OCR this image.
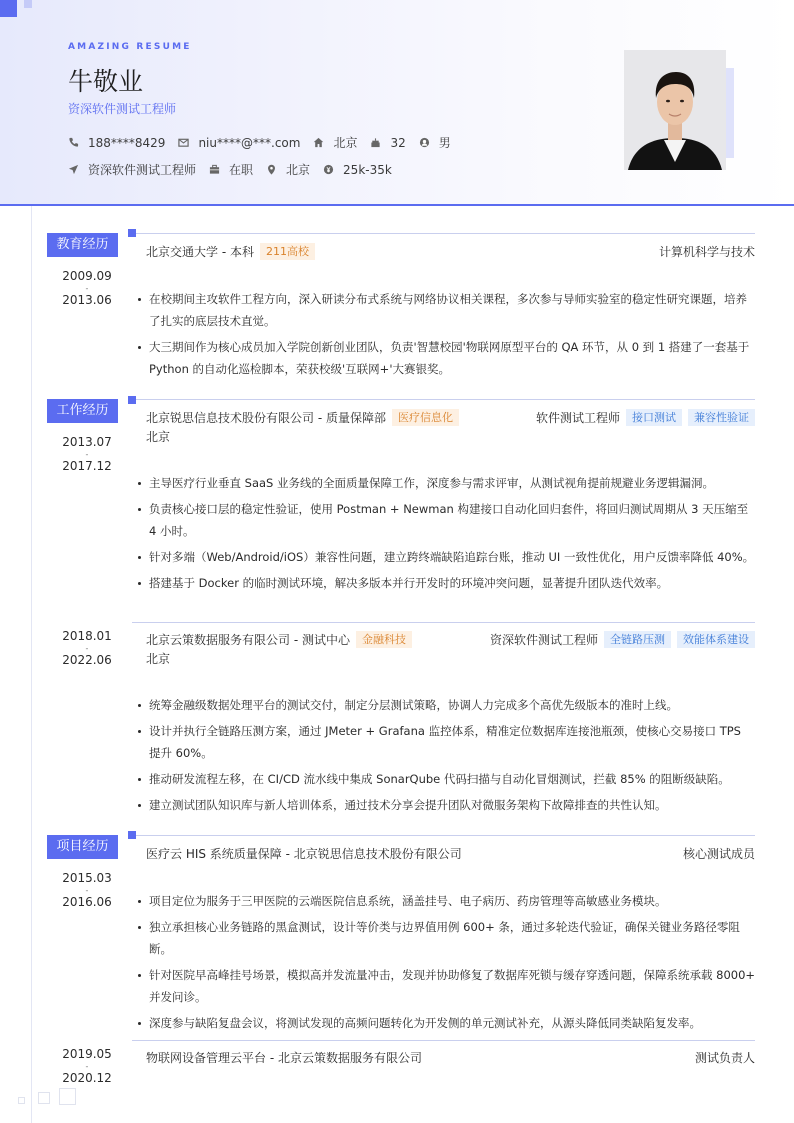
AMAZING RESUME
牛敬业
资深软件测试工程师
188****8429	niu****@***.com	北京	32	男
资深软件测试工程师	在职	北京	25k-35k
教育经历
2009.09
-
2013.06
北京交通大学 - 本科	211高校	计算机科学与技术
在校期间主攻软件工程方向，深入研读分布式系统与网络协议相关课程，多次参与导师实验室的稳定性研究课题，培养了扎实的底层技术直觉。
大三期间作为核心成员加入学院创新创业团队，负责'智慧校园'物联网原型平台的 QA 环节，从 0 到 1 搭建了一套基于 Python 的自动化巡检脚本，荣获校级'互联网+'大赛银奖。
工作经历
2013.07
-
2017.12
北京锐思信息技术股份有限公司 - 质量保障部	医疗信息化
北京
软件测试工程师	接口测试	兼容性验证
主导医疗行业垂直 SaaS 业务线的全面质量保障工作，深度参与需求评审，从测试视角提前规避业务逻辑漏洞。
负责核心接口层的稳定性验证，使用 Postman + Newman 构建接口自动化回归套件，将回归测试周期从 3 天压缩至 4 小时。
针对多端（Web/Android/iOS）兼容性问题，建立跨终端缺陷追踪台账，推动 UI 一致性优化，用户反馈率降低 40%。
搭建基于 Docker 的临时测试环境，解决多版本并行开发时的环境冲突问题，显著提升团队迭代效率。
2018.01
-
2022.06
北京云策数据服务有限公司 - 测试中心	金融科技
北京
资深软件测试工程师	全链路压测	效能体系建设
统筹金融级数据处理平台的测试交付，制定分层测试策略，协调人力完成多个高优先级版本的准时上线。
设计并执行全链路压测方案，通过 JMeter + Grafana 监控体系，精准定位数据库连接池瓶颈，使核心交易接口 TPS 提升 60%。
推动研发流程左移，在 CI/CD 流水线中集成 SonarQube 代码扫描与自动化冒烟测试，拦截 85% 的阻断级缺陷。
建立测试团队知识库与新人培训体系，通过技术分享会提升团队对微服务架构下故障排查的共性认知。
项目经历
2015.03
-
2016.06
医疗云 HIS 系统质量保障 - 北京锐思信息技术股份有限公司	核心测试成员
项目定位为服务于三甲医院的云端医院信息系统，涵盖挂号、电子病历、药房管理等高敏感业务模块。
独立承担核心业务链路的黑盒测试，设计等价类与边界值用例 600+ 条，通过多轮迭代验证，确保关键业务路径零阻断。
针对医院早高峰挂号场景，模拟高并发流量冲击，发现并协助修复了数据库死锁与缓存穿透问题，保障系统承载 8000+ 并发问诊。
深度参与缺陷复盘会议，将测试发现的高频问题转化为开发侧的单元测试补充，从源头降低同类缺陷复发率。
2019.05
-
2020.12
物联网设备管理云平台 - 北京云策数据服务有限公司	测试负责人
